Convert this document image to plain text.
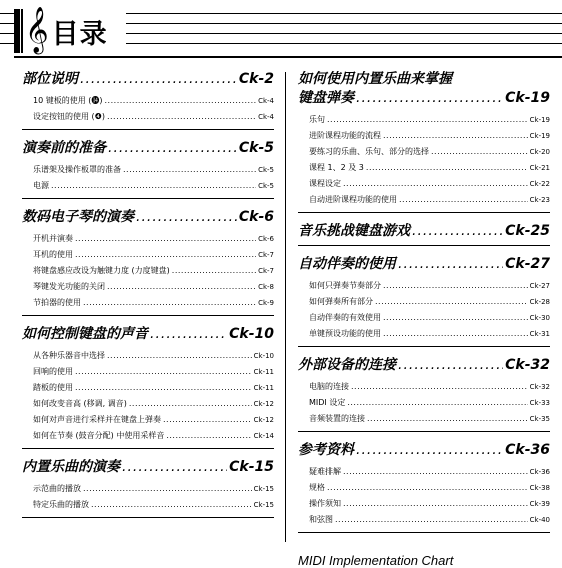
𝄞 目录
部位说明 .....	Ck-2
10 键板的使用 (⓮) .....	Ck-4
设定按钮的使用 (❹) .....	Ck-4
演奏前的准备 .....	Ck-5
乐谱架及操作板罩的准备 .....	Ck-5
电源 .....	Ck-5
数码电子琴的演奏 .....	Ck-6
开机并演奏 .....	Ck-6
耳机的使用 .....	Ck-7
将键盘感应改设为触键力度 (力度键盘) .....	Ck-7
琴键发光功能的关闭 .....	Ck-8
节拍器的使用 .....	Ck-9
如何控制键盘的声音 .....	Ck-10
从各种乐器音中选择 .....	Ck-10
回响的使用 .....	Ck-11
踏板的使用 .....	Ck-11
如何改变音高 (移调, 调音) .....	Ck-12
如何对声音进行采样并在键盘上弹奏 .....	Ck-12
如何在节奏 (鼓音分配) 中使用采样音 .....	Ck-14
内置乐曲的演奏 .....	Ck-15
示范曲的播放 .....	Ck-15
特定乐曲的播放 .....	Ck-15
如何使用内置乐曲来掌握
键盘弹奏 .....	Ck-19
乐句 .....	Ck-19
进阶课程功能的流程 .....	Ck-19
要练习的乐曲、乐句、部分的选择 .....	Ck-20
课程 1、2 及 3 .....	Ck-21
课程设定 .....	Ck-22
自动进阶课程功能的使用 .....	Ck-23
音乐挑战键盘游戏 .....	Ck-25
自动伴奏的使用 .....	Ck-27
如何只弹奏节奏部分 .....	Ck-27
如何弹奏所有部分 .....	Ck-28
自动伴奏的有效使用 .....	Ck-30
单键预设功能的使用 .....	Ck-31
外部设备的连接 .....	Ck-32
电脑的连接 .....	Ck-32
MIDI 设定 .....	Ck-33
音频装置的连接 .....	Ck-35
参考资料 .....	Ck-36
疑难排解 .....	Ck-36
规格 .....	Ck-38
操作须知 .....	Ck-39
和弦图 .....	Ck-40
MIDI Implementation Chart
